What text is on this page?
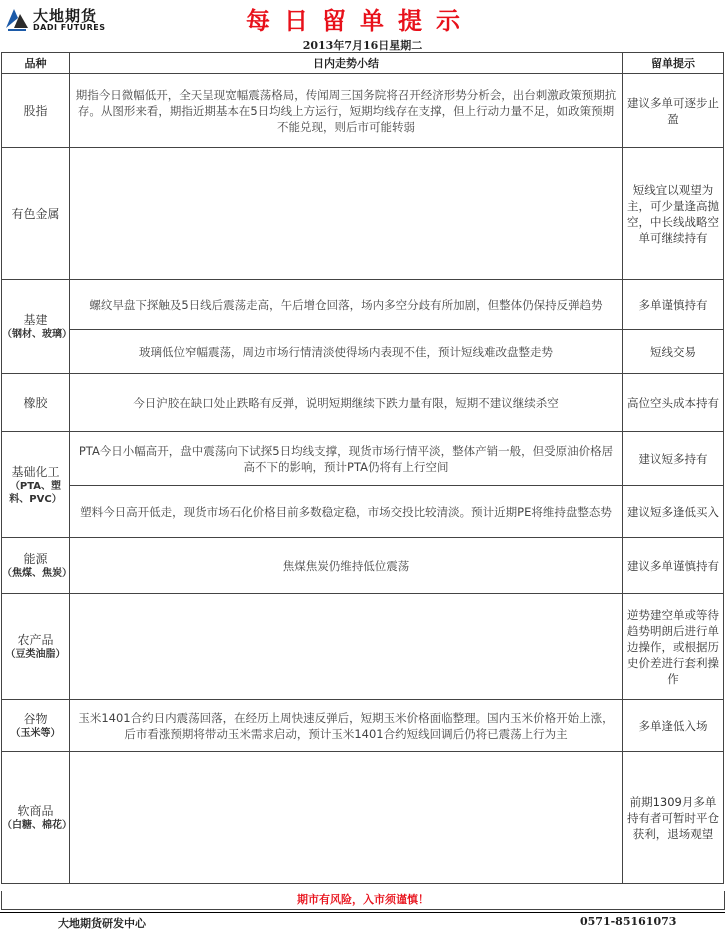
大地期货
DADI FUTURES	每日留单提示
2013年7月16日星期二
品种	日内走势小结	留单提示
股指	期指今日微幅低开，全天呈现宽幅震荡格局，传闻周三国务院将召开经济形势分析会，出台刺激政策预期抗存。从图形来看，期指近期基本在5日均线上方运行，短期均线存在支撑，但上行动力量不足，如政策预期不能兑现，则后市可能转弱	建议多单可逐步止盈
有色金属		短线宜以观望为主，可少量逢高抛空，中长线战略空单可继续持有

基建
（钢材、玻璃）	螺纹早盘下探触及5日线后震荡走高，午后增仓回落，场内多空分歧有所加剧，但整体仍保持反弹趋势	多单谨慎持有
	玻璃低位窄幅震荡，周边市场行情清淡使得场内表现不佳，预计短线难改盘整走势	短线交易
橡胶	今日沪胶在缺口处止跌略有反弹，说明短期继续下跌力量有限，短期不建议继续杀空	高位空头成本持有

基础化工
（PTA、塑料、PVC）	PTA今日小幅高开，盘中震荡向下试探5日均线支撑，现货市场行情平淡，整体产销一般，但受原油价格居高不下的影响，预计PTA仍将有上行空间	建议短多持有
	塑料今日高开低走，现货市场石化价格目前多数稳定稳，市场交投比较清淡。预计近期PE将维持盘整态势	建议短多逢低买入

能源
（焦煤、焦炭）	焦煤焦炭仍维持低位震荡	建议多单谨慎持有

农产品
（豆类油脂）		逆势建空单或等待趋势明朗后进行单边操作，或根据历史价差进行套利操作

谷物
（玉米等）	玉米1401合约日内震荡回落，在经历上周快速反弹后，短期玉米价格面临整理。国内玉米价格开始上涨，后市看涨预期将带动玉米需求启动，预计玉米1401合约短线回调后仍将已震荡上行为主	多单逢低入场

软商品
（白糖、棉花）		前期1309月多单持有者可暂时平仓获利，退场观望
期市有风险，入市须谨慎！
大地期货研发中心	0571-85161073
